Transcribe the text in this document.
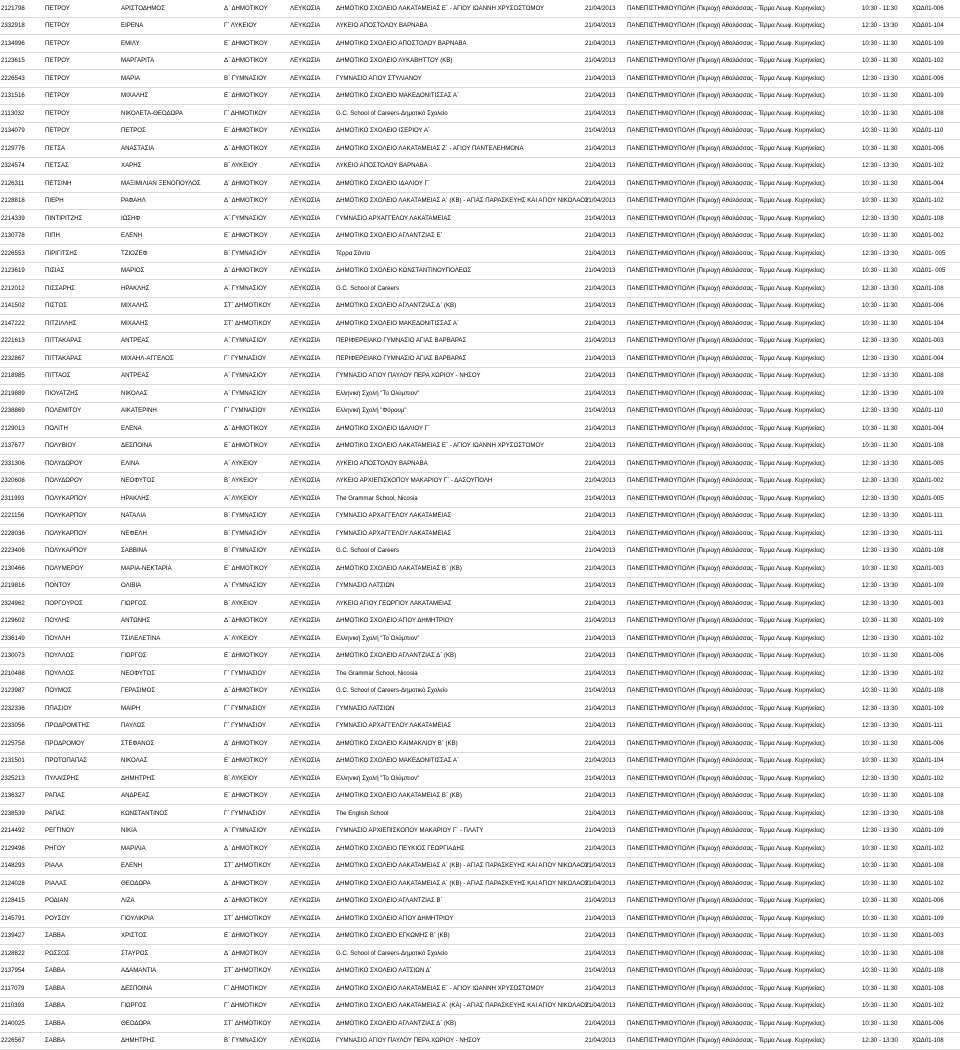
2121798	ΠΕΤΡΟΥ	ΑΡΙΣΤΟΔΗΜΟΣ	Δ΄ ΔΗΜΟΤΙΚΟΥ	ΛΕΥΚΩΣΙΑ	ΔΗΜΟΤΙΚΟ ΣΧΟΛΕΙΟ ΛΑΚΑΤΑΜΕΙΑΣ Ε΄ - ΑΓΙΟΥ ΙΩΑΝΝΗ ΧΡΥΣΟΣΤΟΜΟΥ	21/04/2013	ΠΑΝΕΠΙΣΤΗΜΙΟΥΠΟΛΗ (Περιοχή Αθαλάσσας - Τέρμα Λεωφ. Κυρηνείας)	10:30 - 11:30	ΧΩΔ01-006
2332918	ΠΕΤΡΟΥ	ΕΙΡΕΝΑ	Γ΄ ΛΥΚΕΙΟΥ	ΛΕΥΚΩΣΙΑ	ΛΥΚΕΙΟ ΑΠΟΣΤΟΛΟΥ ΒΑΡΝΑΒΑ	21/04/2013	ΠΑΝΕΠΙΣΤΗΜΙΟΥΠΟΛΗ (Περιοχή Αθαλάσσας - Τέρμα Λεωφ. Κυρηνείας)	12:30 - 13:30	ΧΩΔ01-104
2134996	ΠΕΤΡΟΥ	ΕΜΙΛΥ	Ε΄ ΔΗΜΟΤΙΚΟΥ	ΛΕΥΚΩΣΙΑ	ΔΗΜΟΤΙΚΟ ΣΧΟΛΕΙΟ ΑΠΟΣΤΟΛΟΥ ΒΑΡΝΑΒΑ	21/04/2013	ΠΑΝΕΠΙΣΤΗΜΙΟΥΠΟΛΗ (Περιοχή Αθαλάσσας - Τέρμα Λεωφ. Κυρηνείας)	10:30 - 11:30	ΧΩΔ01-109
2123615	ΠΕΤΡΟΥ	ΜΑΡΓΑΡΙΤΑ	Δ΄ ΔΗΜΟΤΙΚΟΥ	ΛΕΥΚΩΣΙΑ	ΔΗΜΟΤΙΚΟ ΣΧΟΛΕΙΟ ΛΥΚΑΒΗΤΤΟΥ (ΚΒ)	21/04/2013	ΠΑΝΕΠΙΣΤΗΜΙΟΥΠΟΛΗ (Περιοχή Αθαλάσσας - Τέρμα Λεωφ. Κυρηνείας)	10:30 - 11:30	ΧΩΔ01-102
2226543	ΠΕΤΡΟΥ	ΜΑΡΙΑ	Β΄ ΓΥΜΝΑΣΙΟΥ	ΛΕΥΚΩΣΙΑ	ΓΥΜΝΑΣΙΟ ΑΓΙΟΥ ΣΤΥΛΙΑΝΟΥ	21/04/2013	ΠΑΝΕΠΙΣΤΗΜΙΟΥΠΟΛΗ (Περιοχή Αθαλάσσας - Τέρμα Λεωφ. Κυρηνείας)	12:30 - 13:30	ΧΩΔ01-006
2131516	ΠΕΤΡΟΥ	ΜΙΧΑΛΗΣ	Ε΄ ΔΗΜΟΤΙΚΟΥ	ΛΕΥΚΩΣΙΑ	ΔΗΜΟΤΙΚΟ ΣΧΟΛΕΙΟ ΜΑΚΕΔΟΝΙΤΙΣΣΑΣ Α΄	21/04/2013	ΠΑΝΕΠΙΣΤΗΜΙΟΥΠΟΛΗ (Περιοχή Αθαλάσσας - Τέρμα Λεωφ. Κυρηνείας)	10:30 - 11:30	ΧΩΔ01-109
2113032	ΠΕΤΡΟΥ	ΝΙΚΟΛΕΤΑ-ΘΕΟΔΩΡΑ	Γ΄ ΔΗΜΟΤΙΚΟΥ	ΛΕΥΚΩΣΙΑ	G.C. School of Careers-Δημοτικό Σχολείο	21/04/2013	ΠΑΝΕΠΙΣΤΗΜΙΟΥΠΟΛΗ (Περιοχή Αθαλάσσας - Τέρμα Λεωφ. Κυρηνείας)	10:30 - 11:30	ΧΩΔ01-108
2134079	ΠΕΤΡΟΥ	ΠΕΤΡΟΣ	Ε΄ ΔΗΜΟΤΙΚΟΥ	ΛΕΥΚΩΣΙΑ	ΔΗΜΟΤΙΚΟ ΣΧΟΛΕΙΟ ΙΣΕΡΙΟΥ Α΄	21/04/2013	ΠΑΝΕΠΙΣΤΗΜΙΟΥΠΟΛΗ (Περιοχή Αθαλάσσας - Τέρμα Λεωφ. Κυρηνείας)	10:30 - 11:30	ΧΩΔ01-110
2129776	ΠΕΤΣΑ	ΑΝΑΣΤΑΣΙΑ	Δ΄ ΔΗΜΟΤΙΚΟΥ	ΛΕΥΚΩΣΙΑ	ΔΗΜΟΤΙΚΟ ΣΧΟΛΕΙΟ ΛΑΚΑΤΑΜΕΙΑΣ Ζ΄ - ΑΓΙΟΥ ΠΑΝΤΕΛΕΗΜΟΝΑ	21/04/2013	ΠΑΝΕΠΙΣΤΗΜΙΟΥΠΟΛΗ (Περιοχή Αθαλάσσας - Τέρμα Λεωφ. Κυρηνείας)	10:30 - 11:30	ΧΩΔ01-006
2324574	ΠΕΤΣΑΣ	ΧΑΡΗΣ	Β΄ ΛΥΚΕΙΟΥ	ΛΕΥΚΩΣΙΑ	ΛΥΚΕΙΟ ΑΠΟΣΤΟΛΟΥ ΒΑΡΝΑΒΑ	21/04/2013	ΠΑΝΕΠΙΣΤΗΜΙΟΥΠΟΛΗ (Περιοχή Αθαλάσσας - Τέρμα Λεωφ. Κυρηνείας)	12:30 - 13:30	ΧΩΔ01-102
2126311	ΠΕΤΣΙΝΗ	ΜΑΞΙΜΙΛΙΑΝ ΞΕΝΟΠΟΥΛΟΣ	Δ΄ ΔΗΜΟΤΙΚΟΥ	ΛΕΥΚΩΣΙΑ	ΔΗΜΟΤΙΚΟ ΣΧΟΛΕΙΟ ΙΔΑΛΙΟΥ Γ΄	21/04/2013	ΠΑΝΕΠΙΣΤΗΜΙΟΥΠΟΛΗ (Περιοχή Αθαλάσσας - Τέρμα Λεωφ. Κυρηνείας)	10:30 - 11:30	ΧΩΔ01-004
2128818	ΠΙΕΡΗ	ΡΑΦΑΗΛ	Δ΄ ΔΗΜΟΤΙΚΟΥ	ΛΕΥΚΩΣΙΑ	ΔΗΜΟΤΙΚΟ ΣΧΟΛΕΙΟ ΛΑΚΑΤΑΜΕΙΑΣ Α΄ (ΚΒ) - ΑΓΙΑΣ ΠΑΡΑΣΚΕΥΗΣ ΚΑΙ ΑΓΙΟΥ ΝΙΚΟΛΑΟΥ	21/04/2013	ΠΑΝΕΠΙΣΤΗΜΙΟΥΠΟΛΗ (Περιοχή Αθαλάσσας - Τέρμα Λεωφ. Κυρηνείας)	10:30 - 11:30	ΧΩΔ01-102
2214339	ΠΙΝΤΙΡΙΤΖΗΣ	ΙΩΣΗΦ	Α΄ ΓΥΜΝΑΣΙΟΥ	ΛΕΥΚΩΣΙΑ	ΓΥΜΝΑΣΙΟ ΑΡΧΑΓΓΕΛΟΥ ΛΑΚΑΤΑΜΕΙΑΣ	21/04/2013	ΠΑΝΕΠΙΣΤΗΜΙΟΥΠΟΛΗ (Περιοχή Αθαλάσσας - Τέρμα Λεωφ. Κυρηνείας)	12:30 - 13:30	ΧΩΔ01-108
2130778	ΠΙΠΗ	ΕΛΕΝΗ	Ε΄ ΔΗΜΟΤΙΚΟΥ	ΛΕΥΚΩΣΙΑ	ΔΗΜΟΤΙΚΟ ΣΧΟΛΕΙΟ ΑΓΛΑΝΤΖΙΑΣ Ε΄	21/04/2013	ΠΑΝΕΠΙΣΤΗΜΙΟΥΠΟΛΗ (Περιοχή Αθαλάσσας - Τέρμα Λεωφ. Κυρηνείας)	10:30 - 11:30	ΧΩΔ01-002
2226553	ΠΙΡΙΓΙΤΣΗΣ	ΤΖΙΟΖΕΦ	Β΄ ΓΥΜΝΑΣΙΟΥ	ΛΕΥΚΩΣΙΑ	Τέρρα Σάντα	21/04/2013	ΠΑΝΕΠΙΣΤΗΜΙΟΥΠΟΛΗ (Περιοχή Αθαλάσσας - Τέρμα Λεωφ. Κυρηνείας)	12:30 - 13:30	ΧΩΔ01- 005
2123619	ΠΙΣΙΑΣ	ΜΑΡΙΟΣ	Δ΄ ΔΗΜΟΤΙΚΟΥ	ΛΕΥΚΩΣΙΑ	ΔΗΜΟΤΙΚΟ ΣΧΟΛΕΙΟ ΚΩΝΣΤΑΝΤΙΝΟΥΠΟΛΕΩΣ	21/04/2013	ΠΑΝΕΠΙΣΤΗΜΙΟΥΠΟΛΗ (Περιοχή Αθαλάσσας - Τέρμα Λεωφ. Κυρηνείας)	10:30 - 11:30	ΧΩΔ01- 005
2212012	ΠΙΣΣΑΡΗΣ	ΗΡΑΚΛΗΣ	Α΄ ΓΥΜΝΑΣΙΟΥ	ΛΕΥΚΩΣΙΑ	G.C. School of Careers	21/04/2013	ΠΑΝΕΠΙΣΤΗΜΙΟΥΠΟΛΗ (Περιοχή Αθαλάσσας - Τέρμα Λεωφ. Κυρηνείας)	12:30 - 13:30	ΧΩΔ01-108
2141502	ΠΙΣΤΟΣ	ΜΙΧΑΛΗΣ	ΣΤ΄ ΔΗΜΟΤΙΚΟΥ	ΛΕΥΚΩΣΙΑ	ΔΗΜΟΤΙΚΟ ΣΧΟΛΕΙΟ ΑΓΛΑΝΤΖΙΑΣ Δ΄ (ΚΒ)	21/04/2013	ΠΑΝΕΠΙΣΤΗΜΙΟΥΠΟΛΗ (Περιοχή Αθαλάσσας - Τέρμα Λεωφ. Κυρηνείας)	10:30 - 11:30	ΧΩΔ01-006
2147222	ΠΙΤΖΙΛΛΗΣ	ΜΙΧΑΛΗΣ	ΣΤ΄ ΔΗΜΟΤΙΚΟΥ	ΛΕΥΚΩΣΙΑ	ΔΗΜΟΤΙΚΟ ΣΧΟΛΕΙΟ ΜΑΚΕΔΟΝΙΤΙΣΣΑΣ Α΄	21/04/2013	ΠΑΝΕΠΙΣΤΗΜΙΟΥΠΟΛΗ (Περιοχή Αθαλάσσας - Τέρμα Λεωφ. Κυρηνείας)	10:30 - 11:30	ΧΩΔ01-104
2221613	ΠΙΤΤΑΚΑΡΑΣ	ΑΝΤΡΕΑΣ	Α΄ ΓΥΜΝΑΣΙΟΥ	ΛΕΥΚΩΣΙΑ	ΠΕΡΙΦΕΡΕΙΑΚΟ ΓΥΜΝΑΣΙΟ ΑΓΙΑΣ ΒΑΡΒΑΡΑΣ	21/04/2013	ΠΑΝΕΠΙΣΤΗΜΙΟΥΠΟΛΗ (Περιοχή Αθαλάσσας - Τέρμα Λεωφ. Κυρηνείας)	12:30 - 13:30	ΧΩΔ01-003
2232867	ΠΙΤΤΑΚΑΡΑΣ	ΜΙΧΑΗΛ-ΑΓΓΕΛΟΣ	Γ΄ ΓΥΜΝΑΣΙΟΥ	ΛΕΥΚΩΣΙΑ	ΠΕΡΙΦΕΡΕΙΑΚΟ ΓΥΜΝΑΣΙΟ ΑΓΙΑΣ ΒΑΡΒΑΡΑΣ	21/04/2013	ΠΑΝΕΠΙΣΤΗΜΙΟΥΠΟΛΗ (Περιοχή Αθαλάσσας - Τέρμα Λεωφ. Κυρηνείας)	12:30 - 13:30	ΧΩΔ01-004
2218985	ΠΙΤΤΑΟΣ	ΑΝΤΡΕΑΣ	Α΄ ΓΥΜΝΑΣΙΟΥ	ΛΕΥΚΩΣΙΑ	ΓΥΜΝΑΣΙΟ ΑΓΙΟΥ ΠΑΥΛΟΥ ΠΕΡΑ ΧΩΡΙΟΥ - ΝΗΣΟΥ	21/04/2013	ΠΑΝΕΠΙΣΤΗΜΙΟΥΠΟΛΗ (Περιοχή Αθαλάσσας - Τέρμα Λεωφ. Κυρηνείας)	12:30 - 13:30	ΧΩΔ01-108
2219889	ΠΙΟΥΑΤΖΗΣ	ΝΙΚΟΛΑΣ	Α΄ ΓΥΜΝΑΣΙΟΥ	ΛΕΥΚΩΣΙΑ	Ελληνική Σχολή "Το Ολύμπιον"	21/04/2013	ΠΑΝΕΠΙΣΤΗΜΙΟΥΠΟΛΗ (Περιοχή Αθαλάσσας - Τέρμα Λεωφ. Κυρηνείας)	12:30 - 13:30	ΧΩΔ01-109
2238869	ΠΟΛΕΜΙΤΟΥ	ΑΙΚΑΤΕΡΙΝΗ	Γ΄ ΓΥΜΝΑΣΙΟΥ	ΛΕΥΚΩΣΙΑ	Ελληνική Σχολή "Φόρουμ"	21/04/2013	ΠΑΝΕΠΙΣΤΗΜΙΟΥΠΟΛΗ (Περιοχή Αθαλάσσας - Τέρμα Λεωφ. Κυρηνείας)	12:30 - 13:30	ΧΩΔ01-110
2129013	ΠΟΛΙΤΗ	ΕΛΕΝΑ	Δ΄ ΔΗΜΟΤΙΚΟΥ	ΛΕΥΚΩΣΙΑ	ΔΗΜΟΤΙΚΟ ΣΧΟΛΕΙΟ ΙΔΑΛΙΟΥ Γ΄	21/04/2013	ΠΑΝΕΠΙΣΤΗΜΙΟΥΠΟΛΗ (Περιοχή Αθαλάσσας - Τέρμα Λεωφ. Κυρηνείας)	10:30 - 11:30	ΧΩΔ01-004
2137677	ΠΟΛΥΒΙΟΥ	ΔΕΣΠΟΙΝΑ	Ε΄ ΔΗΜΟΤΙΚΟΥ	ΛΕΥΚΩΣΙΑ	ΔΗΜΟΤΙΚΟ ΣΧΟΛΕΙΟ ΛΑΚΑΤΑΜΕΙΑΣ Ε΄ - ΑΓΙΟΥ ΙΩΑΝΝΗ ΧΡΥΣΟΣΤΟΜΟΥ	21/04/2013	ΠΑΝΕΠΙΣΤΗΜΙΟΥΠΟΛΗ (Περιοχή Αθαλάσσας - Τέρμα Λεωφ. Κυρηνείας)	10:30 - 11:30	ΧΩΔ01-108
2331306	ΠΟΛΥΔΩΡΟΥ	ΕΛΙΝΑ	Α΄ ΛΥΚΕΙΟΥ	ΛΕΥΚΩΣΙΑ	ΛΥΚΕΙΟ ΑΠΟΣΤΟΛΟΥ ΒΑΡΝΑΒΑ	21/04/2013	ΠΑΝΕΠΙΣΤΗΜΙΟΥΠΟΛΗ (Περιοχή Αθαλάσσας - Τέρμα Λεωφ. Κυρηνείας)	12:30 - 13:30	ΧΩΔ01-005
2320608	ΠΟΛΥΔΩΡΟΥ	ΝΕΟΦΥΤΟΣ	Β΄ ΛΥΚΕΙΟΥ	ΛΕΥΚΩΣΙΑ	ΛΥΚΕΙΟ ΑΡΧΙΕΠΙΣΚΟΠΟΥ ΜΑΚΑΡΙΟΥ Γ΄ - ΔΑΣΟΥΠΟΛΗ	21/04/2013	ΠΑΝΕΠΙΣΤΗΜΙΟΥΠΟΛΗ (Περιοχή Αθαλάσσας - Τέρμα Λεωφ. Κυρηνείας)	12:30 - 13:30	ΧΩΔ01-002
2311993	ΠΟΛΥΚΑΡΠΟΥ	ΗΡΑΚΛΗΣ	Α΄ ΛΥΚΕΙΟΥ	ΛΕΥΚΩΣΙΑ	The Grammar School, Nicosia	21/04/2013	ΠΑΝΕΠΙΣΤΗΜΙΟΥΠΟΛΗ (Περιοχή Αθαλάσσας - Τέρμα Λεωφ. Κυρηνείας)	12:30 - 13:30	ΧΩΔ01-005
2221156	ΠΟΛΥΚΑΡΠΟΥ	ΝΑΤΑΛΙΑ	Β΄ ΓΥΜΝΑΣΙΟΥ	ΛΕΥΚΩΣΙΑ	ΓΥΜΝΑΣΙΟ ΑΡΧΑΓΓΕΛΟΥ ΛΑΚΑΤΑΜΕΙΑΣ	21/04/2013	ΠΑΝΕΠΙΣΤΗΜΙΟΥΠΟΛΗ (Περιοχή Αθαλάσσας - Τέρμα Λεωφ. Κυρηνείας)	12:30 - 13:30	ΧΩΔ01-111
2228036	ΠΟΛΥΚΑΡΠΟΥ	ΝΕΦΕΛΗ	Β΄ ΓΥΜΝΑΣΙΟΥ	ΛΕΥΚΩΣΙΑ	ΓΥΜΝΑΣΙΟ ΑΡΧΑΓΓΕΛΟΥ ΛΑΚΑΤΑΜΕΙΑΣ	21/04/2013	ΠΑΝΕΠΙΣΤΗΜΙΟΥΠΟΛΗ (Περιοχή Αθαλάσσας - Τέρμα Λεωφ. Κυρηνείας)	12:30 - 13:30	ΧΩΔ01-111
2223406	ΠΟΛΥΚΑΡΠΟΥ	ΣΑΒΒΙΝΑ	Β΄ ΓΥΜΝΑΣΙΟΥ	ΛΕΥΚΩΣΙΑ	G.C. School of Careers	21/04/2013	ΠΑΝΕΠΙΣΤΗΜΙΟΥΠΟΛΗ (Περιοχή Αθαλάσσας - Τέρμα Λεωφ. Κυρηνείας)	12:30 - 13:30	ΧΩΔ01-108
2130466	ΠΟΛΥΜΕΡΟΥ	ΜΑΡΙΑ-ΝΕΚΤΑΡΙΑ	Ε΄ ΔΗΜΟΤΙΚΟΥ	ΛΕΥΚΩΣΙΑ	ΔΗΜΟΤΙΚΟ ΣΧΟΛΕΙΟ ΛΑΚΑΤΑΜΕΙΑΣ Β΄ (ΚΒ)	21/04/2013	ΠΑΝΕΠΙΣΤΗΜΙΟΥΠΟΛΗ (Περιοχή Αθαλάσσας - Τέρμα Λεωφ. Κυρηνείας)	10:30 - 11:30	ΧΩΔ01-003
2219816	ΠΟΝΤΟΥ	ΟΛΙΒΙΑ	Α΄ ΓΥΜΝΑΣΙΟΥ	ΛΕΥΚΩΣΙΑ	ΓΥΜΝΑΣΙΟ ΛΑΤΣΙΩΝ	21/04/2013	ΠΑΝΕΠΙΣΤΗΜΙΟΥΠΟΛΗ (Περιοχή Αθαλάσσας - Τέρμα Λεωφ. Κυρηνείας)	12:30 - 13:30	ΧΩΔ01-109
2324962	ΠΟΡΓΟΥΡΟΣ	ΓΙΩΡΓΟΣ	Β΄ ΛΥΚΕΙΟΥ	ΛΕΥΚΩΣΙΑ	ΛΥΚΕΙΟ ΑΓΙΟΥ ΓΕΩΡΓΙΟΥ ΛΑΚΑΤΑΜΕΙΑΣ	21/04/2013	ΠΑΝΕΠΙΣΤΗΜΙΟΥΠΟΛΗ (Περιοχή Αθαλάσσας - Τέρμα Λεωφ. Κυρηνείας)	12:30 - 13:30	ΧΩΔ01-003
2129602	ΠΟΥΛΗΣ	ΑΝΤΩΝΗΣ	Δ΄ ΔΗΜΟΤΙΚΟΥ	ΛΕΥΚΩΣΙΑ	ΔΗΜΟΤΙΚΟ ΣΧΟΛΕΙΟ ΑΓΙΟΥ ΔΗΜΗΤΡΙΟΥ	21/04/2013	ΠΑΝΕΠΙΣΤΗΜΙΟΥΠΟΛΗ (Περιοχή Αθαλάσσας - Τέρμα Λεωφ. Κυρηνείας)	10:30 - 11:30	ΧΩΔ01-109
2336149	ΠΟΥΛΛΗ	ΤΣΙΛΕΛΕΤΙΝΑ	Α΄ ΛΥΚΕΙΟΥ	ΛΕΥΚΩΣΙΑ	Ελληνική Σχολή "Το Ολύμπιον"	21/04/2013	ΠΑΝΕΠΙΣΤΗΜΙΟΥΠΟΛΗ (Περιοχή Αθαλάσσας - Τέρμα Λεωφ. Κυρηνείας)	12:30 - 13:30	ΧΩΔ01-102
2130073	ΠΟΥΛΛΟΣ	ΓΙΩΡΓΟΣ	Ε΄ ΔΗΜΟΤΙΚΟΥ	ΛΕΥΚΩΣΙΑ	ΔΗΜΟΤΙΚΟ ΣΧΟΛΕΙΟ ΑΓΛΑΝΤΖΙΑΣ Δ΄ (ΚΒ)	21/04/2013	ΠΑΝΕΠΙΣΤΗΜΙΟΥΠΟΛΗ (Περιοχή Αθαλάσσας - Τέρμα Λεωφ. Κυρηνείας)	10:30 - 11:30	ΧΩΔ01-006
2210488	ΠΟΥΛΛΟΣ	ΝΕΟΦΥΤΟΣ	Γ΄ ΓΥΜΝΑΣΙΟΥ	ΛΕΥΚΩΣΙΑ	The Grammar School, Nicosia	21/04/2013	ΠΑΝΕΠΙΣΤΗΜΙΟΥΠΟΛΗ (Περιοχή Αθαλάσσας - Τέρμα Λεωφ. Κυρηνείας)	12:30 - 13:30	ΧΩΔ01-102
2123987	ΠΟΥΜΟΣ	ΓΕΡΑΣΙΜΟΣ	Δ΄ ΔΗΜΟΤΙΚΟΥ	ΛΕΥΚΩΣΙΑ	G.C. School of Careers-Δημοτικό Σχολείο	21/04/2013	ΠΑΝΕΠΙΣΤΗΜΙΟΥΠΟΛΗ (Περιοχή Αθαλάσσας - Τέρμα Λεωφ. Κυρηνείας)	10:30 - 11:30	ΧΩΔ01-108
2232336	ΠΠΑΣΙΟΥ	ΜΑΙΡΗ	Γ΄ ΓΥΜΝΑΣΙΟΥ	ΛΕΥΚΩΣΙΑ	ΓΥΜΝΑΣΙΟ ΛΑΤΣΙΩΝ	21/04/2013	ΠΑΝΕΠΙΣΤΗΜΙΟΥΠΟΛΗ (Περιοχή Αθαλάσσας - Τέρμα Λεωφ. Κυρηνείας)	12:30 - 13:30	ΧΩΔ01-109
2233056	ΠΡΟΔΡΟΜΙΤΗΣ	ΠΑΥΛΟΣ	Γ΄ ΓΥΜΝΑΣΙΟΥ	ΛΕΥΚΩΣΙΑ	ΓΥΜΝΑΣΙΟ ΑΡΧΑΓΓΕΛΟΥ ΛΑΚΑΤΑΜΕΙΑΣ	21/04/2013	ΠΑΝΕΠΙΣΤΗΜΙΟΥΠΟΛΗ (Περιοχή Αθαλάσσας - Τέρμα Λεωφ. Κυρηνείας)	12:30 - 13:30	ΧΩΔ01-111
2125758	ΠΡΟΔΡΟΜΟΥ	ΣΤΕΦΑΝΟΣ	Δ΄ ΔΗΜΟΤΙΚΟΥ	ΛΕΥΚΩΣΙΑ	ΔΗΜΟΤΙΚΟ ΣΧΟΛΕΙΟ ΚΑΙΜΑΚΛΙΟΥ Β΄ (ΚΒ)	21/04/2013	ΠΑΝΕΠΙΣΤΗΜΙΟΥΠΟΛΗ (Περιοχή Αθαλάσσας - Τέρμα Λεωφ. Κυρηνείας)	10:30 - 11:30	ΧΩΔ01-006
2131501	ΠΡΩΤΟΠΑΠΑΣ	ΝΙΚΟΛΑΣ	Ε΄ ΔΗΜΟΤΙΚΟΥ	ΛΕΥΚΩΣΙΑ	ΔΗΜΟΤΙΚΟ ΣΧΟΛΕΙΟ ΜΑΚΕΔΟΝΙΤΙΣΣΑΣ Α΄	21/04/2013	ΠΑΝΕΠΙΣΤΗΜΙΟΥΠΟΛΗ (Περιοχή Αθαλάσσας - Τέρμα Λεωφ. Κυρηνείας)	10:30 - 11:30	ΧΩΔ01-104
2325213	ΠΥΛΑΙΣΡΗΣ	ΔΗΜΗΤΡΗΣ	Β΄ ΛΥΚΕΙΟΥ	ΛΕΥΚΩΣΙΑ	Ελληνική Σχολή "Το Ολύμπιον"	21/04/2013	ΠΑΝΕΠΙΣΤΗΜΙΟΥΠΟΛΗ (Περιοχή Αθαλάσσας - Τέρμα Λεωφ. Κυρηνείας)	12:30 - 13:30	ΧΩΔ01-102
2136327	ΡΑΠΑΣ	ΑΝΔΡΕΑΣ	Ε΄ ΔΗΜΟΤΙΚΟΥ	ΛΕΥΚΩΣΙΑ	ΔΗΜΟΤΙΚΟ ΣΧΟΛΕΙΟ ΛΑΚΑΤΑΜΕΙΑΣ Β΄ (ΚΒ)	21/04/2013	ΠΑΝΕΠΙΣΤΗΜΙΟΥΠΟΛΗ (Περιοχή Αθαλάσσας - Τέρμα Λεωφ. Κυρηνείας)	10:30 - 11:30	ΧΩΔ01-108
2238539	ΡΑΠΑΣ	ΚΩΝΣΤΑΝΤΙΝΟΣ	Γ΄ ΓΥΜΝΑΣΙΟΥ	ΛΕΥΚΩΣΙΑ	The English School	21/04/2013	ΠΑΝΕΠΙΣΤΗΜΙΟΥΠΟΛΗ (Περιοχή Αθαλάσσας - Τέρμα Λεωφ. Κυρηνείας)	12:30 - 13:30	ΧΩΔ01-108
2214492	ΡΕΓΓΙΝΟΥ	ΝΙΚΙΑ	Α΄ ΓΥΜΝΑΣΙΟΥ	ΛΕΥΚΩΣΙΑ	ΓΥΜΝΑΣΙΟ ΑΡΧΙΕΠΙΣΚΟΠΟΥ ΜΑΚΑΡΙΟΥ Γ΄ - ΠΛΑΤΥ	21/04/2013	ΠΑΝΕΠΙΣΤΗΜΙΟΥΠΟΛΗ (Περιοχή Αθαλάσσας - Τέρμα Λεωφ. Κυρηνείας)	12:30 - 13:30	ΧΩΔ01-109
2129498	ΡΗΓΟΥ	ΜΑΡΙΛΙΑ	Δ΄ ΔΗΜΟΤΙΚΟΥ	ΛΕΥΚΩΣΙΑ	ΔΗΜΟΤΙΚΟ ΣΧΟΛΕΙΟ ΠΕΥΚΙΟΣ ΓΕΩΡΓΙΑΔΗΣ	21/04/2013	ΠΑΝΕΠΙΣΤΗΜΙΟΥΠΟΛΗ (Περιοχή Αθαλάσσας - Τέρμα Λεωφ. Κυρηνείας)	10:30 - 11:30	ΧΩΔ01-102
2148293	ΡΙΑΛΑ	ΕΛΕΝΗ	ΣΤ΄ ΔΗΜΟΤΙΚΟΥ	ΛΕΥΚΩΣΙΑ	ΔΗΜΟΤΙΚΟ ΣΧΟΛΕΙΟ ΛΑΚΑΤΑΜΕΙΑΣ Α΄ (ΚΒ) - ΑΓΙΑΣ ΠΑΡΑΣΚΕΥΗΣ ΚΑΙ ΑΓΙΟΥ ΝΙΚΟΛΑΟΥ	21/04/2013	ΠΑΝΕΠΙΣΤΗΜΙΟΥΠΟΛΗ (Περιοχή Αθαλάσσας - Τέρμα Λεωφ. Κυρηνείας)	10:30 - 11:30	ΧΩΔ01-108
2124028	ΡΙΑΛΑΣ	ΘΕΟΔΩΡΑ	Δ΄ ΔΗΜΟΤΙΚΟΥ	ΛΕΥΚΩΣΙΑ	ΔΗΜΟΤΙΚΟ ΣΧΟΛΕΙΟ ΛΑΚΑΤΑΜΕΙΑΣ Α΄ (ΚΒ) - ΑΓΙΑΣ ΠΑΡΑΣΚΕΥΗΣ ΚΑΙ ΑΓΙΟΥ ΝΙΚΟΛΑΟΥ	21/04/2013	ΠΑΝΕΠΙΣΤΗΜΙΟΥΠΟΛΗ (Περιοχή Αθαλάσσας - Τέρμα Λεωφ. Κυρηνείας)	10:30 - 11:30	ΧΩΔ01-102
2128415	ΡΟΔΙΑΝ	ΛΙΖΑ	Δ΄ ΔΗΜΟΤΙΚΟΥ	ΛΕΥΚΩΣΙΑ	ΔΗΜΟΤΙΚΟ ΣΧΟΛΕΙΟ ΑΓΛΑΝΤΖΙΑΣ Β΄	21/04/2013	ΠΑΝΕΠΙΣΤΗΜΙΟΥΠΟΛΗ (Περιοχή Αθαλάσσας - Τέρμα Λεωφ. Κυρηνείας)	10:30 - 11:30	ΧΩΔ01-006
2145791	ΡΟΥΣΟΥ	ΓΙΟΥΛΙΚΡΙΑ	ΣΤ΄ ΔΗΜΟΤΙΚΟΥ	ΛΕΥΚΩΣΙΑ	ΔΗΜΟΤΙΚΟ ΣΧΟΛΕΙΟ ΑΓΙΟΥ ΔΗΜΗΤΡΙΟΥ	21/04/2013	ΠΑΝΕΠΙΣΤΗΜΙΟΥΠΟΛΗ (Περιοχή Αθαλάσσας - Τέρμα Λεωφ. Κυρηνείας)	10:30 - 11:30	ΧΩΔ01-109
2139427	ΣΑΒΒΑ	ΧΡΙΣΤΟΣ	Ε΄ ΔΗΜΟΤΙΚΟΥ	ΛΕΥΚΩΣΙΑ	ΔΗΜΟΤΙΚΟ ΣΧΟΛΕΙΟ ΕΓΚΩΜΗΣ Β΄ (ΚΒ)	21/04/2013	ΠΑΝΕΠΙΣΤΗΜΙΟΥΠΟΛΗ (Περιοχή Αθαλάσσας - Τέρμα Λεωφ. Κυρηνείας)	10:30 - 11:30	ΧΩΔ01-003
2128822	ΡΩΣΣΟΣ	ΣΤΑΥΡΟΣ	Δ΄ ΔΗΜΟΤΙΚΟΥ	ΛΕΥΚΩΣΙΑ	G.C. School of Careers-Δημοτικό Σχολείο	21/04/2013	ΠΑΝΕΠΙΣΤΗΜΙΟΥΠΟΛΗ (Περιοχή Αθαλάσσας - Τέρμα Λεωφ. Κυρηνείας)	10:30 - 11:30	ΧΩΔ01-108
2137954	ΣΑΒΒΑ	ΑΔΑΜΑΝΤΙΑ	ΣΤ΄ ΔΗΜΟΤΙΚΟΥ	ΛΕΥΚΩΣΙΑ	ΔΗΜΟΤΙΚΟ ΣΧΟΛΕΙΟ ΛΑΤΣΙΩΝ Δ΄	21/04/2013	ΠΑΝΕΠΙΣΤΗΜΙΟΥΠΟΛΗ (Περιοχή Αθαλάσσας - Τέρμα Λεωφ. Κυρηνείας)	10:30 - 11:30	ΧΩΔ01-108
2117079	ΣΑΒΒΑ	ΔΕΣΠΟΙΝΑ	Γ΄ ΔΗΜΟΤΙΚΟΥ	ΛΕΥΚΩΣΙΑ	ΔΗΜΟΤΙΚΟ ΣΧΟΛΕΙΟ ΛΑΚΑΤΑΜΕΙΑΣ Ε΄ - ΑΓΙΟΥ ΙΩΑΝΝΗ ΧΡΥΣΟΣΤΟΜΟΥ	21/04/2013	ΠΑΝΕΠΙΣΤΗΜΙΟΥΠΟΛΗ (Περιοχή Αθαλάσσας - Τέρμα Λεωφ. Κυρηνείας)	10:30 - 11:30	ΧΩΔ01-108
2110393	ΣΑΒΒΑ	ΓΙΩΡΓΟΣ	Γ΄ ΔΗΜΟΤΙΚΟΥ	ΛΕΥΚΩΣΙΑ	ΔΗΜΟΤΙΚΟ ΣΧΟΛΕΙΟ ΛΑΚΑΤΑΜΕΙΑΣ Α΄ (ΚΑ) - ΑΓΙΑΣ ΠΑΡΑΣΚΕΥΗΣ ΚΑΙ ΑΓΙΟΥ ΝΙΚΟΛΑΟΥ	21/04/2013	ΠΑΝΕΠΙΣΤΗΜΙΟΥΠΟΛΗ (Περιοχή Αθαλάσσας - Τέρμα Λεωφ. Κυρηνείας)	10:30 - 11:30	ΧΩΔ01-102
2140025	ΣΑΒΒΑ	ΘΕΟΔΩΡΑ	ΣΤ΄ ΔΗΜΟΤΙΚΟΥ	ΛΕΥΚΩΣΙΑ	ΔΗΜΟΤΙΚΟ ΣΧΟΛΕΙΟ ΑΓΛΑΝΤΖΙΑΣ Δ΄ (ΚΒ)	21/04/2013	ΠΑΝΕΠΙΣΤΗΜΙΟΥΠΟΛΗ (Περιοχή Αθαλάσσας - Τέρμα Λεωφ. Κυρηνείας)	10:30 - 11:30	ΧΩΔ01-006
2226567	ΣΑΒΒΑ	ΔΗΜΗΤΡΗΣ	Β΄ ΓΥΜΝΑΣΙΟΥ	ΛΕΥΚΩΣΙΑ	ΓΥΜΝΑΣΙΟ ΑΓΙΟΥ ΠΑΥΛΟΥ ΠΕΡΑ ΧΩΡΙΟΥ - ΝΗΣΟΥ	21/04/2013	ΠΑΝΕΠΙΣΤΗΜΙΟΥΠΟΛΗ (Περιοχή Αθαλάσσας - Τέρμα Λεωφ. Κυρηνείας)	12:30 - 13:30	ΧΩΔ01-108
